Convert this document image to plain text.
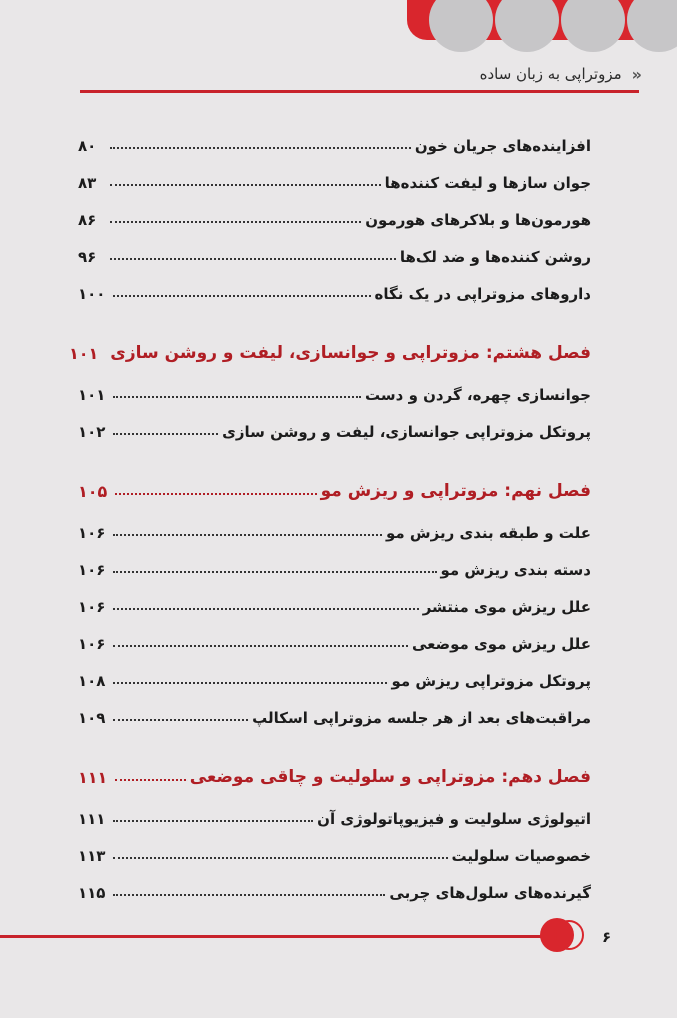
«
مزوتراپی به زبان ساده
افزاینده‌های جریان خون
۸۰
جوان سازها و لیفت کننده‌ها
۸۳
هورمون‌ها و بلاکرهای هورمون
۸۶
روشن کننده‌ها و ضد لک‌ها
۹۶
داروهای مزوتراپی در یک نگاه
۱۰۰
فصل هشتم: مزوتراپی و جوانسازی، لیفت و روشن سازی
۱۰۱
جوانسازی چهره، گردن و دست
۱۰۱
پروتکل مزوتراپی جوانسازی، لیفت و روشن سازی
۱۰۲
فصل نهم: مزوتراپی و ریزش مو
۱۰۵
علت و طبقه بندی ریزش مو
۱۰۶
دسته بندی ریزش مو
۱۰۶
علل ریزش موی منتشر
۱۰۶
علل ریزش موی موضعی
۱۰۶
پروتکل مزوتراپی ریزش مو
۱۰۸
مراقبت‌های بعد از هر جلسه مزوتراپی اسکالپ
۱۰۹
فصل دهم: مزوتراپی و سلولیت و چاقی موضعی
۱۱۱
اتیولوژی سلولیت و فیزیوپاتولوژی آن
۱۱۱
خصوصیات سلولیت
۱۱۳
گیرنده‌های سلول‌های چربی
۱۱۵
۶
